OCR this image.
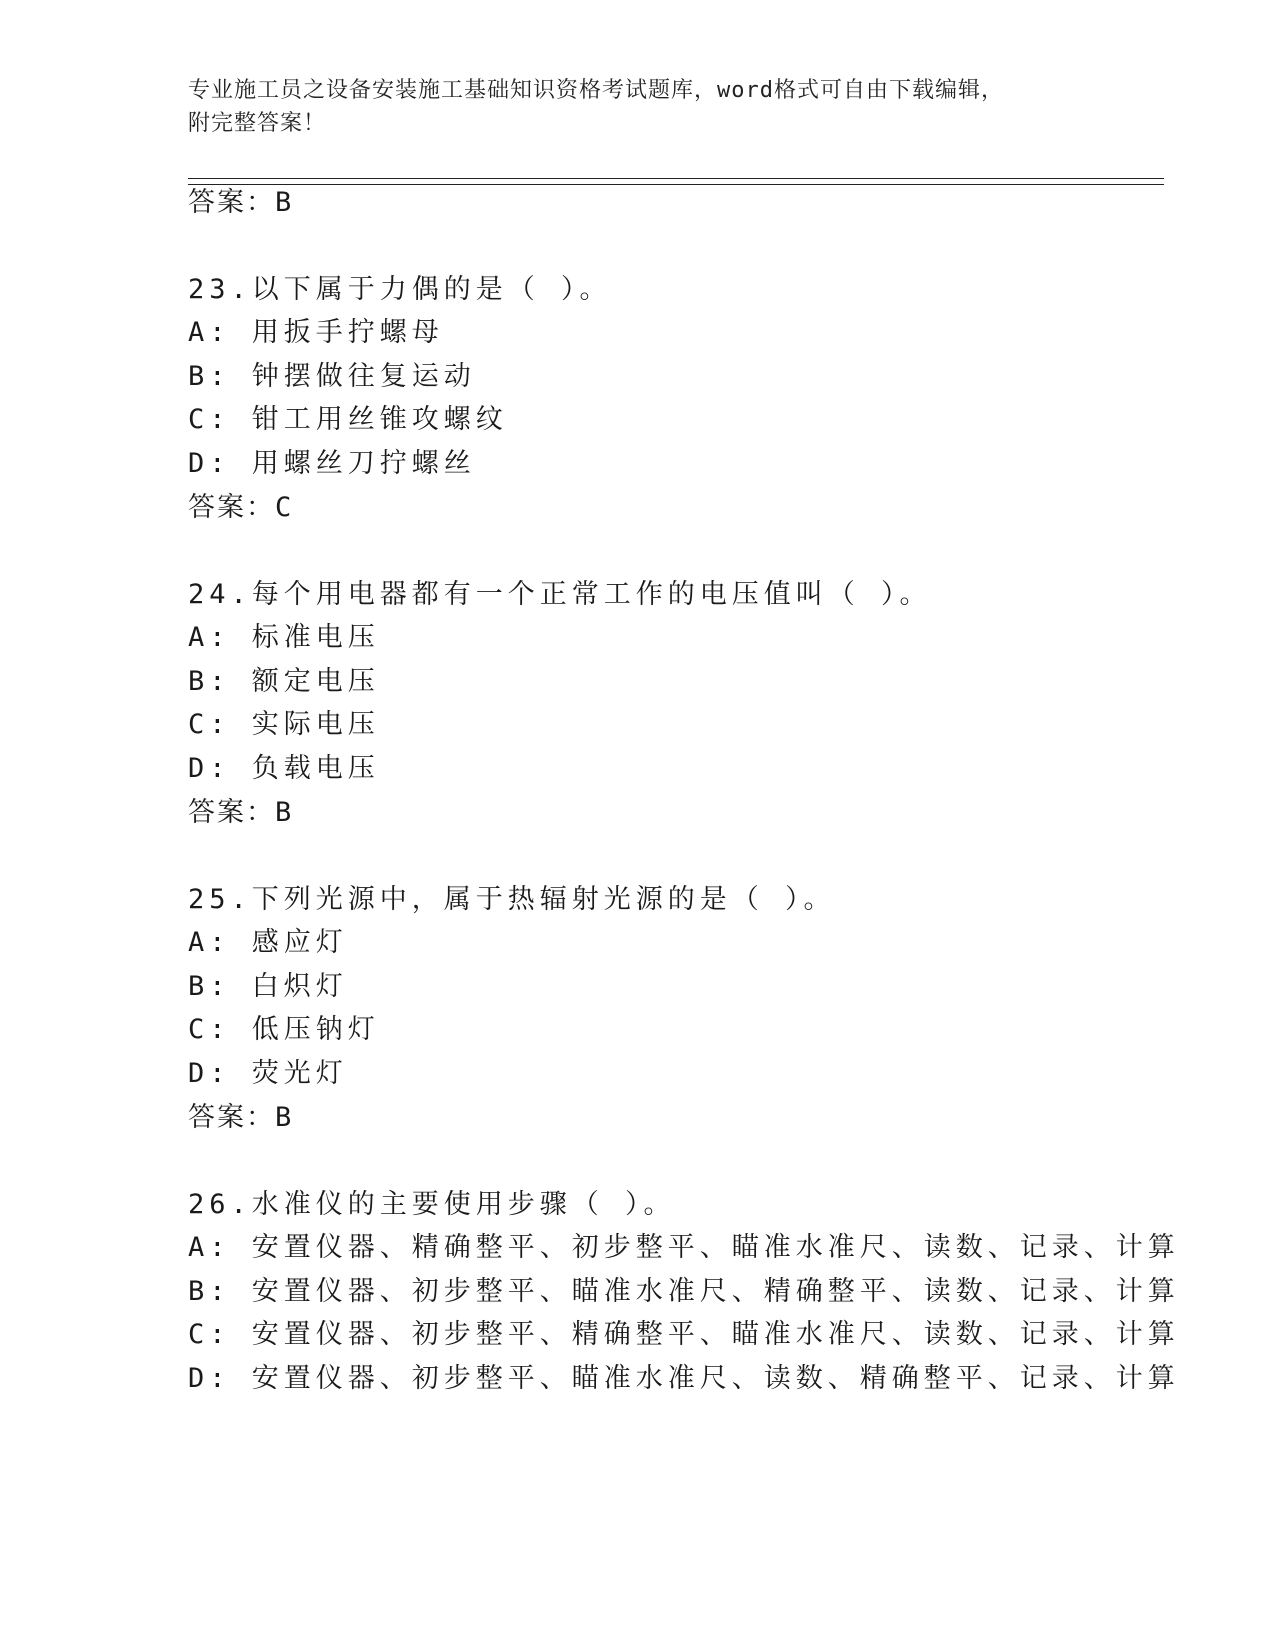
专业施工员之设备安装施工基础知识资格考试题库，word格式可自由下载编辑，
附完整答案！
答案：B
23.以下属于力偶的是（ ）。
A: 用扳手拧螺母
B: 钟摆做往复运动
C: 钳工用丝锥攻螺纹
D: 用螺丝刀拧螺丝
答案：C
24.每个用电器都有一个正常工作的电压值叫（ ）。
A: 标准电压
B: 额定电压
C: 实际电压
D: 负载电压
答案：B
25.下列光源中，属于热辐射光源的是（ ）。
A: 感应灯
B: 白炽灯
C: 低压钠灯
D: 荧光灯
答案：B
26.水准仪的主要使用步骤（ ）。
A: 安置仪器、精确整平、初步整平、瞄准水准尺、读数、记录、计算
B: 安置仪器、初步整平、瞄准水准尺、精确整平、读数、记录、计算
C: 安置仪器、初步整平、精确整平、瞄准水准尺、读数、记录、计算
D: 安置仪器、初步整平、瞄准水准尺、读数、精确整平、记录、计算
